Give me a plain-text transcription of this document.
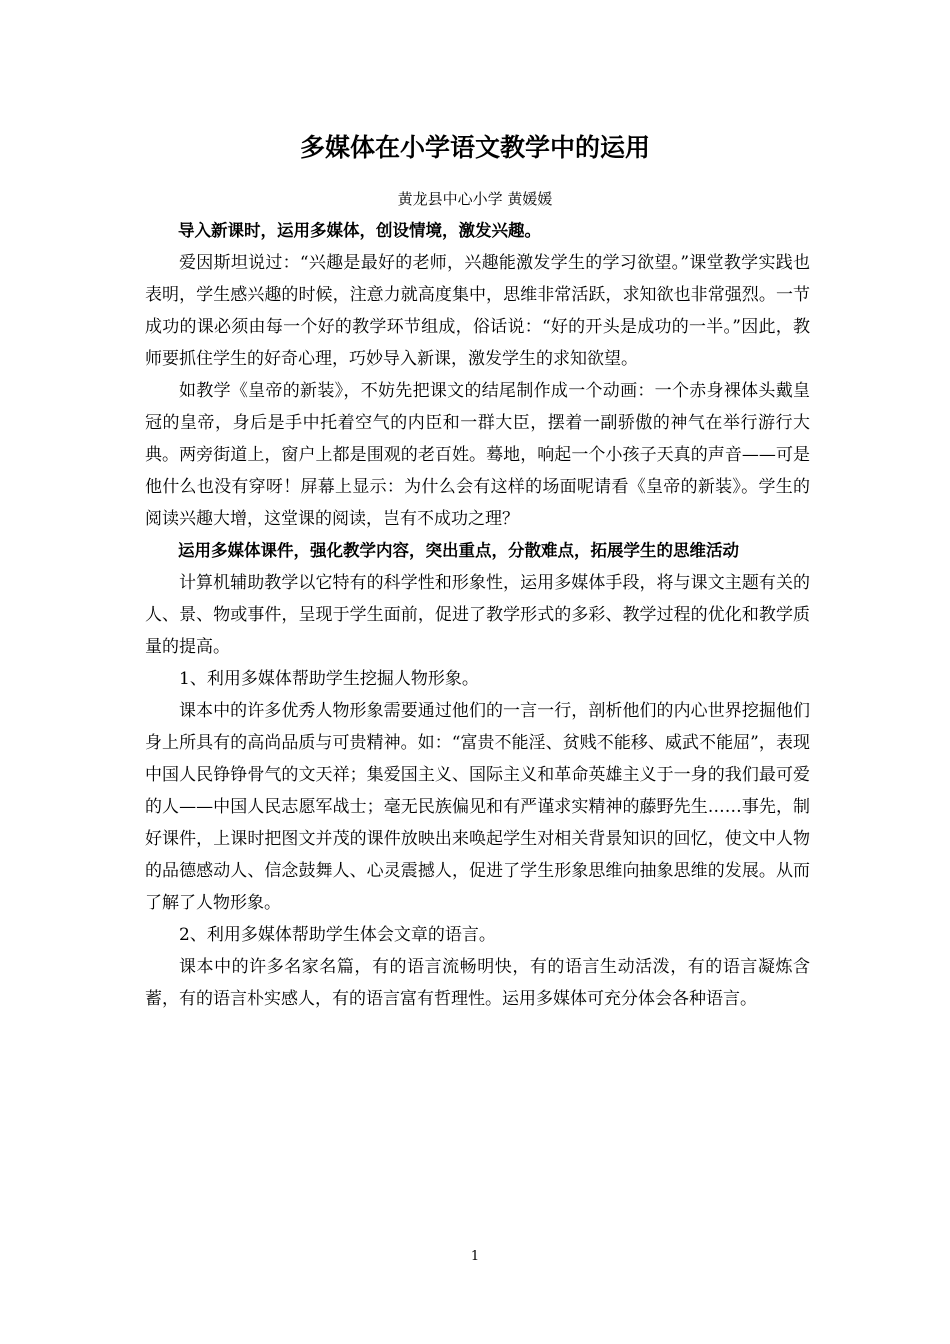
多媒体在小学语文教学中的运用
黄龙县中心小学 黄媛媛

导入新课时，运用多媒体，创设情境，激发兴趣。

爱因斯坦说过：“兴趣是最好的老师，兴趣能激发学生的学习欲望。”课堂教学实践也表明，学生感兴趣的时候，注意力就高度集中，思维非常活跃，求知欲也非常强烈。一节成功的课必须由每一个好的教学环节组成，俗话说：“好的开头是成功的一半。”因此，教师要抓住学生的好奇心理，巧妙导入新课，激发学生的求知欲望。

如教学《皇帝的新装》，不妨先把课文的结尾制作成一个动画：一个赤身裸体头戴皇冠的皇帝，身后是手中托着空气的内臣和一群大臣，摆着一副骄傲的神气在举行游行大典。两旁街道上，窗户上都是围观的老百姓。蓦地，响起一个小孩子天真的声音——可是他什么也没有穿呀！屏幕上显示：为什么会有这样的场面呢请看《皇帝的新装》。学生的阅读兴趣大增，这堂课的阅读，岂有不成功之理？

运用多媒体课件，强化教学内容，突出重点，分散难点，拓展学生的思维活动

计算机辅助教学以它特有的科学性和形象性，运用多媒体手段，将与课文主题有关的人、景、物或事件，呈现于学生面前，促进了教学形式的多彩、教学过程的优化和教学质量的提高。

1、利用多媒体帮助学生挖掘人物形象。

课本中的许多优秀人物形象需要通过他们的一言一行，剖析他们的内心世界挖掘他们身上所具有的高尚品质与可贵精神。如：“富贵不能淫、贫贱不能移、威武不能屈”，表现中国人民铮铮骨气的文天祥；集爱国主义、国际主义和革命英雄主义于一身的我们最可爱的人——中国人民志愿军战士；毫无民族偏见和有严谨求实精神的藤野先生……事先，制好课件，上课时把图文并茂的课件放映出来唤起学生对相关背景知识的回忆，使文中人物的品德感动人、信念鼓舞人、心灵震撼人，促进了学生形象思维向抽象思维的发展。从而了解了人物形象。

2、利用多媒体帮助学生体会文章的语言。

课本中的许多名家名篇，有的语言流畅明快，有的语言生动活泼，有的语言凝炼含蓄，有的语言朴实感人，有的语言富有哲理性。运用多媒体可充分体会各种语言。

1
